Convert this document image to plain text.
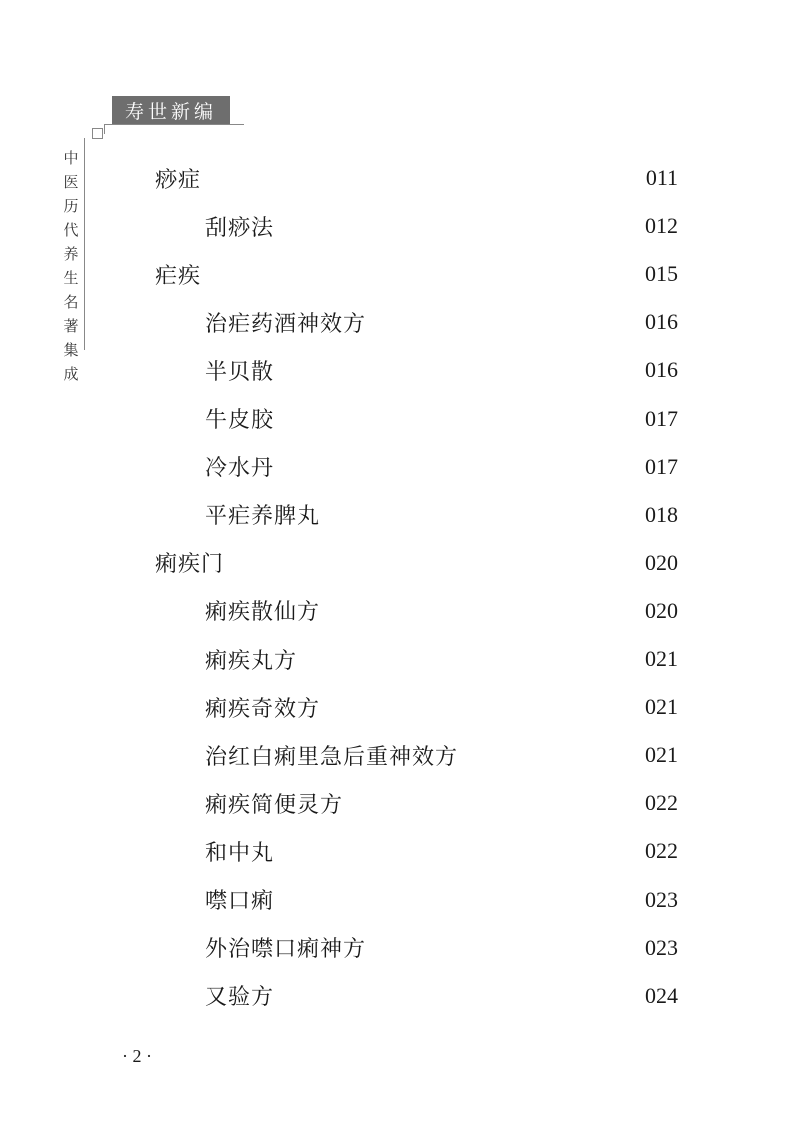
寿世新编
中医历代养生名著集成
痧症	011
刮痧法	012
疟疾	015
治疟药酒神效方	016
半贝散	016
牛皮胶	017
冷水丹	017
平疟养脾丸	018
痢疾门	020
痢疾散仙方	020
痢疾丸方	021
痢疾奇效方	021
治红白痢里急后重神效方	021
痢疾简便灵方	022
和中丸	022
噤口痢	023
外治噤口痢神方	023
又验方	024
· 2 ·
